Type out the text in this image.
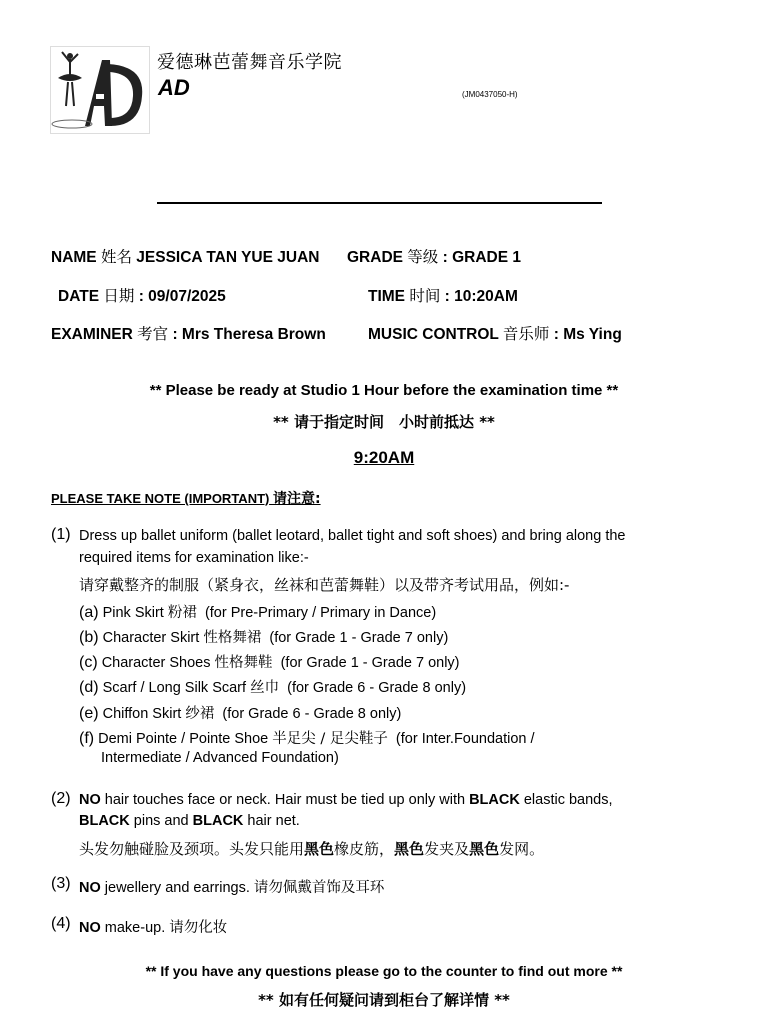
爱德琳芭蕾舞音乐学院
AD	(JM0437050-H)
NAME 姓名 JESSICA TAN YUE JUAN GRADE 等级 : GRADE 1
DATE 日期 : 09/07/2025	TIME 时间 : 10:20AM
EXAMINER 考官 : Mrs Theresa Brown	MUSIC CONTROL 音乐师 : Ms Ying
** Please be ready at Studio 1 Hour before the examination time **
** 请于指定时间　小时前抵达 **
9:20AM
PLEASE TAKE NOTE (IMPORTANT) 请注意:
(1) Dress up ballet uniform (ballet leotard, ballet tight and soft shoes) and bring along the
required items for examination like:-
请穿戴整齐的制服（紧身衣，丝袜和芭蕾舞鞋）以及带齐考试用品，例如:-
(a) Pink Skirt 粉裙 (for Pre-Primary / Primary in Dance)
(b) Character Skirt 性格舞裙 (for Grade 1 - Grade 7 only)
(c) Character Shoes 性格舞鞋 (for Grade 1 - Grade 7 only)
(d) Scarf / Long Silk Scarf 丝巾 (for Grade 6 - Grade 8 only)
(e) Chiffon Skirt 纱裙 (for Grade 6 - Grade 8 only)
(f) Demi Pointe / Pointe Shoe 半足尖 / 足尖鞋子 (for Inter.Foundation /
Intermediate / Advanced Foundation)
(2) NO hair touches face or neck. Hair must be tied up only with BLACK elastic bands,
BLACK pins and BLACK hair net.
头发勿触碰脸及颈项。头发只能用黑色橡皮筋，黑色发夹及黑色发网。
(3) NO jewellery and earrings. 请勿佩戴首饰及耳环
(4) NO make-up. 请勿化妆
** If you have any questions please go to the counter to find out more **
** 如有任何疑问请到柜台了解详情 **
